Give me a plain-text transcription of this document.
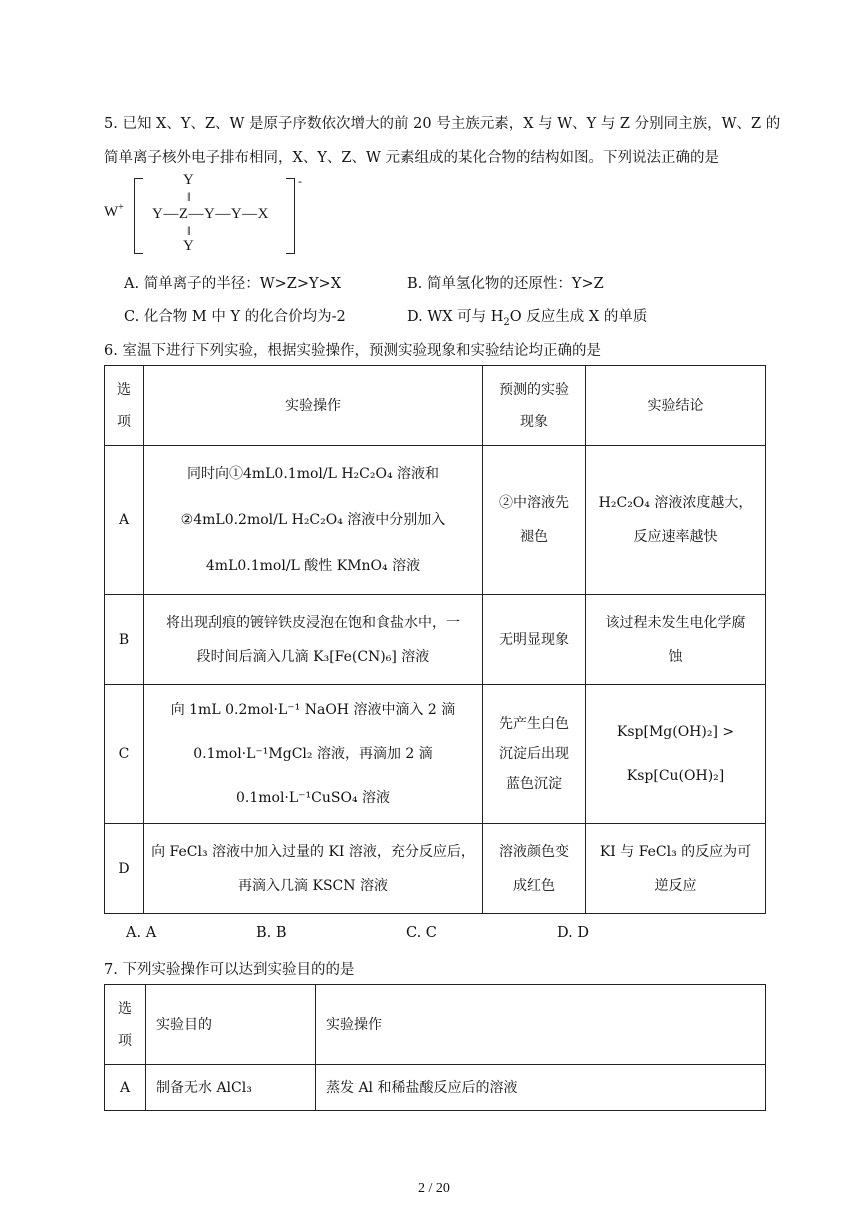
5. 已知 X、Y、Z、W 是原子序数依次增大的前 20 号主族元素，X 与 W、Y 与 Z 分别同主族，W、Z 的
简单离子核外电子排布相同，X、Y、Z、W 元素组成的某化合物的结构如图。下列说法正确的是
W+
Y
‖
Y—Z—Y—Y—X
‖
Y
-
A. 简单离子的半径：W>Z>Y>X	B. 简单氢化物的还原性：Y>Z
C. 化合物 M 中 Y 的化合价均为-2	D. WX 可与 $H_2O$ 反应生成 X 的单质
6. 室温下进行下列实验，根据实验操作，预测实验现象和实验结论均正确的是
选
项	实验操作	预测的实验
现象	实验结论
A	同时向①4mL0.1mol/L H₂C₂O₄ 溶液和
②4mL0.2mol/L H₂C₂O₄ 溶液中分别加入
4mL0.1mol/L 酸性 KMnO₄ 溶液	②中溶液先
褪色	H₂C₂O₄ 溶液浓度越大，
反应速率越快
B	将出现刮痕的镀锌铁皮浸泡在饱和食盐水中，一
段时间后滴入几滴 K₃[Fe(CN)₆] 溶液	无明显现象	该过程未发生电化学腐
蚀
C	向 1mL 0.2mol·L⁻¹ NaOH 溶液中滴入 2 滴
0.1mol·L⁻¹MgCl₂ 溶液，再滴加 2 滴
0.1mol·L⁻¹CuSO₄ 溶液	先产生白色
沉淀后出现
蓝色沉淀	Ksp[Mg(OH)₂] >
Ksp[Cu(OH)₂]
D	向 FeCl₃ 溶液中加入过量的 KI 溶液，充分反应后，
再滴入几滴 KSCN 溶液	溶液颜色变
成红色	KI 与 FeCl₃ 的反应为可
逆反应
A. A	B. B	C. C	D. D
7. 下列实验操作可以达到实验目的的是
选
项	实验目的	实验操作
A	制备无水 AlCl₃	蒸发 Al 和稀盐酸反应后的溶液
2 / 20
